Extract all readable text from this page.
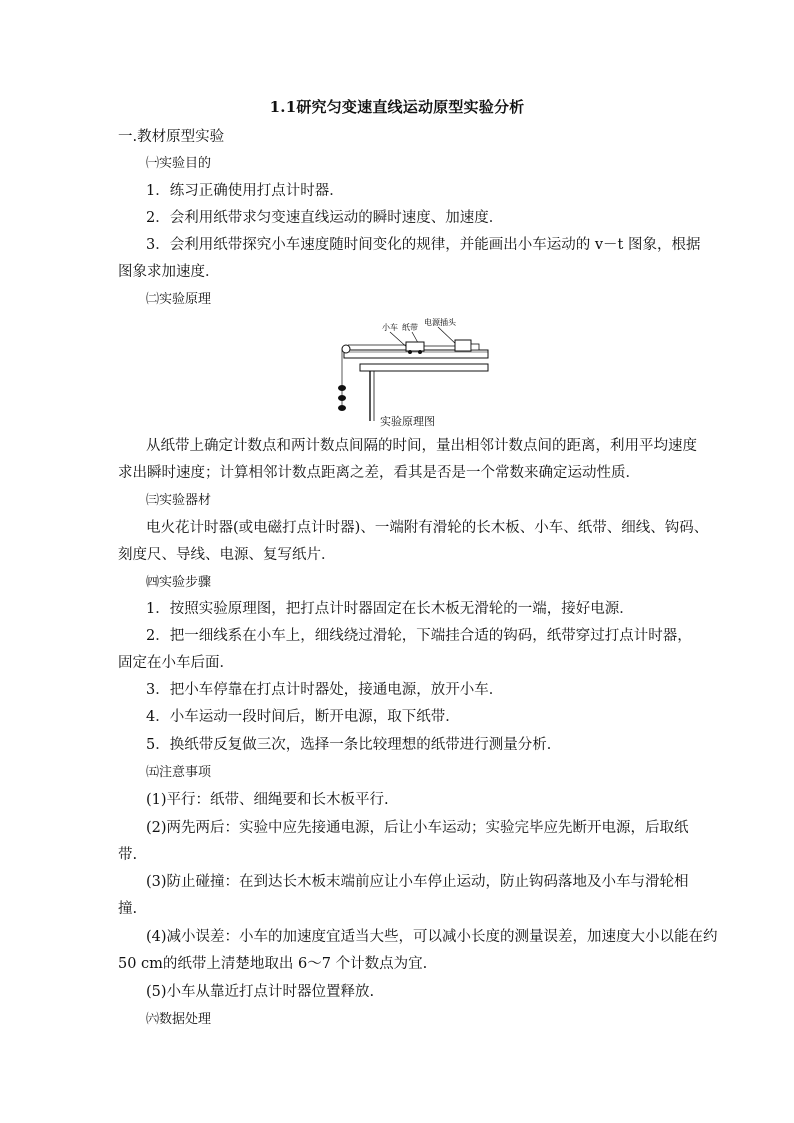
1.1研究匀变速直线运动原型实验分析
一.教材原型实验
㈠实验目的
1．练习正确使用打点计时器．
2．会利用纸带求匀变速直线运动的瞬时速度、加速度．
3．会利用纸带探究小车速度随时间变化的规律，并能画出小车运动的 v－t 图象，根据
图象求加速度．
㈡实验原理
小车 纸带
电源插头
实验原理图
从纸带上确定计数点和两计数点间隔的时间，量出相邻计数点间的距离，利用平均速度
求出瞬时速度；计算相邻计数点距离之差，看其是否是一个常数来确定运动性质．
㈢实验器材
电火花计时器(或电磁打点计时器)、一端附有滑轮的长木板、小车、纸带、细线、钩码、
刻度尺、导线、电源、复写纸片．
㈣实验步骤
1．按照实验原理图，把打点计时器固定在长木板无滑轮的一端，接好电源．
2．把一细线系在小车上，细线绕过滑轮，下端挂合适的钩码，纸带穿过打点计时器，
固定在小车后面．
3．把小车停靠在打点计时器处，接通电源，放开小车．
4．小车运动一段时间后，断开电源，取下纸带．
5．换纸带反复做三次，选择一条比较理想的纸带进行测量分析．
㈤注意事项
(1)平行：纸带、细绳要和长木板平行.
(2)两先两后：实验中应先接通电源，后让小车运动；实验完毕应先断开电源，后取纸
带.
(3)防止碰撞：在到达长木板末端前应让小车停止运动，防止钩码落地及小车与滑轮相
撞.
(4)减小误差：小车的加速度宜适当大些，可以减小长度的测量误差，加速度大小以能在约
50 cm的纸带上清楚地取出 6～7 个计数点为宜.
(5)小车从靠近打点计时器位置释放.
㈥数据处理
